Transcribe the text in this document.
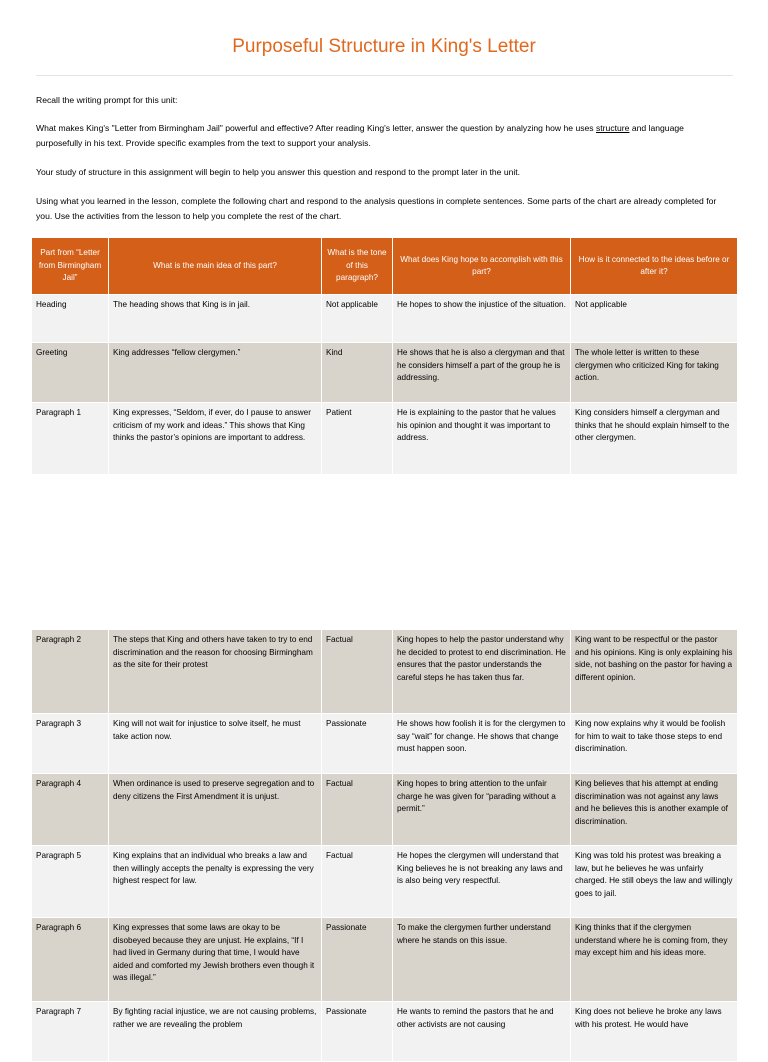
Purposeful Structure in King's Letter

Recall the writing prompt for this unit:

What makes King's "Letter from Birmingham Jail" powerful and effective? After reading King's letter, answer the question by analyzing how he uses structure and language purposefully in his text. Provide specific examples from the text to support your analysis.

Your study of structure in this assignment will begin to help you answer this question and respond to the prompt later in the unit.

Using what you learned in the lesson, complete the following chart and respond to the analysis questions in complete sentences. Some parts of the chart are already completed for you. Use the activities from the lesson to help you complete the rest of the chart.

Part from “Letter from Birmingham Jail”	What is the main idea of this part?	What is the tone of this paragraph?	What does King hope to accomplish with this part?	How is it connected to the ideas before or after it?
Heading	The heading shows that King is in jail.	Not applicable	He hopes to show the injustice of the situation.	Not applicable
Greeting	King addresses “fellow clergymen.”	Kind	He shows that he is also a clergyman and that he considers himself a part of the group he is addressing.	The whole letter is written to these clergymen who criticized King for taking action.
Paragraph 1	King expresses, “Seldom, if ever, do I pause to answer criticism of my work and ideas.” This shows that King thinks the pastor’s opinions are important to address.	Patient	He is explaining to the pastor that he values his opinion and thought it was important to address.	King considers himself a clergyman and thinks that he should explain himself to the other clergymen.
Paragraph 2	The steps that King and others have taken to try to end discrimination and the reason for choosing Birmingham as the site for their protest	Factual	King hopes to help the pastor understand why he decided to protest to end discrimination. He ensures that the pastor understands the careful steps he has taken thus far.	King want to be respectful or the pastor and his opinions. King is only explaining his side, not bashing on the pastor for having a different opinion.
Paragraph 3	King will not wait for injustice to solve itself, he must take action now.	Passionate	He shows how foolish it is for the clergymen to say “wait” for change. He shows that change must happen soon.	King now explains why it would be foolish for him to wait to take those steps to end discrimination.
Paragraph 4	When ordinance is used to preserve segregation and to deny citizens the First Amendment it is unjust.	Factual	King hopes to bring attention to the unfair charge he was given for “parading without a permit.”	King believes that his attempt at ending discrimination was not against any laws and he believes this is another example of discrimination.
Paragraph 5	King explains that an individual who breaks a law and then willingly accepts the penalty is expressing the very highest respect for law.	Factual	He hopes the clergymen will understand that King believes he is not breaking any laws and is also being very respectful.	King was told his protest was breaking a law, but he believes he was unfairly charged. He still obeys the law and willingly goes to jail.
Paragraph 6	King expresses that some laws are okay to be disobeyed because they are unjust. He explains, “If I had lived in Germany during that time, I would have aided and comforted my Jewish brothers even though it was illegal.”	Passionate	To make the clergymen further understand where he stands on this issue.	King thinks that if the clergymen understand where he is coming from, they may except him and his ideas more.
Paragraph 7	By fighting racial injustice, we are not causing problems, rather we are revealing the problem	Passionate	He wants to remind the pastors that he and other activists are not causing	King does not believe he broke any laws with his protest. He would have
